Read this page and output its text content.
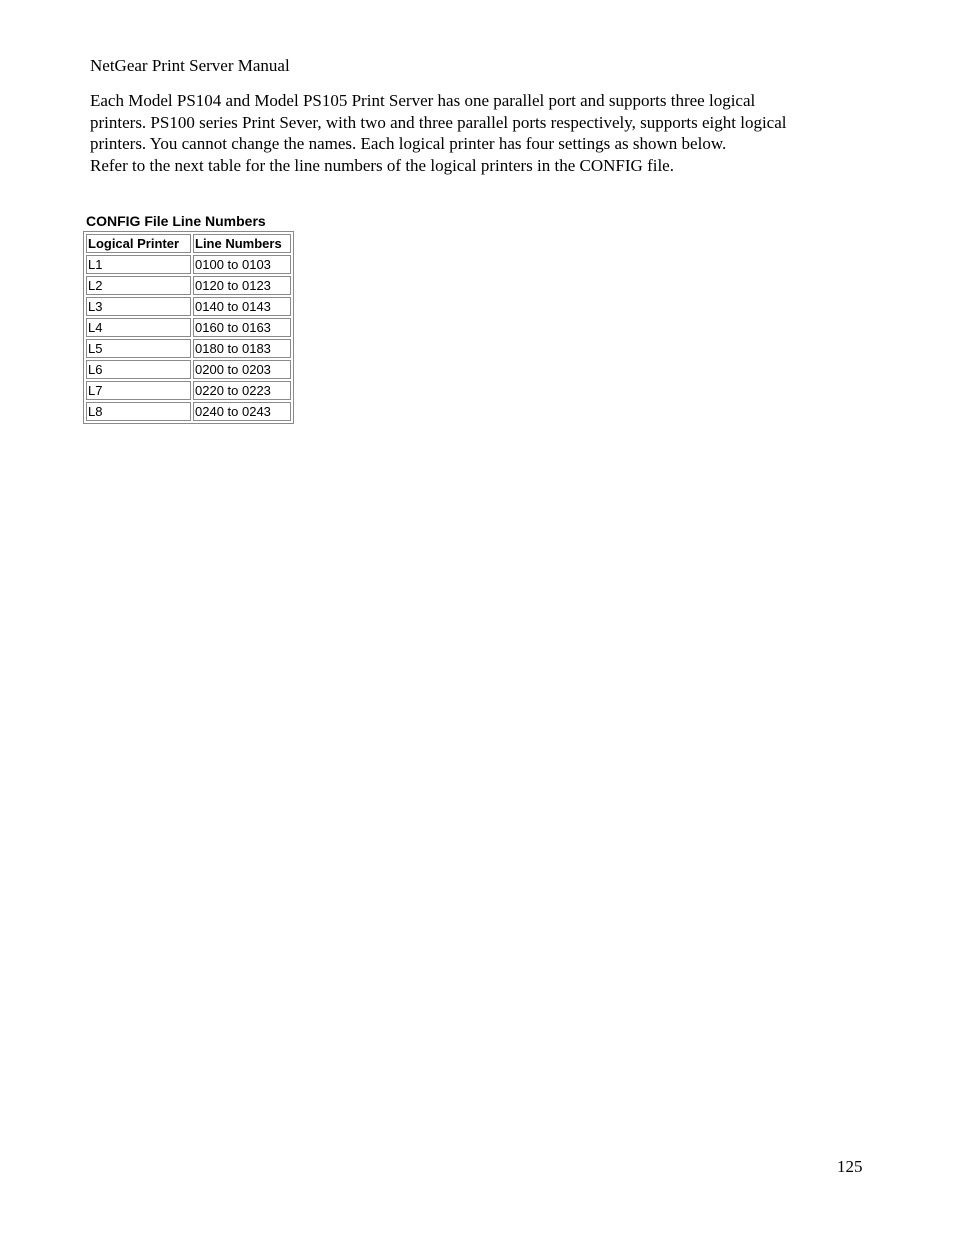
NetGear Print Server Manual
Each Model PS104 and Model PS105 Print Server has one parallel port and supports three logical
printers. PS100 series Print Sever, with two and three parallel ports respectively, supports eight logical
printers. You cannot change the names. Each logical printer has four settings as shown below.
Refer to the next table for the line numbers of the logical printers in the CONFIG file.
CONFIG File Line Numbers
Logical Printer	Line Numbers
L1	0100 to 0103
L2	0120 to 0123
L3	0140 to 0143
L4	0160 to 0163
L5	0180 to 0183
L6	0200 to 0203
L7	0220 to 0223
L8	0240 to 0243
125
